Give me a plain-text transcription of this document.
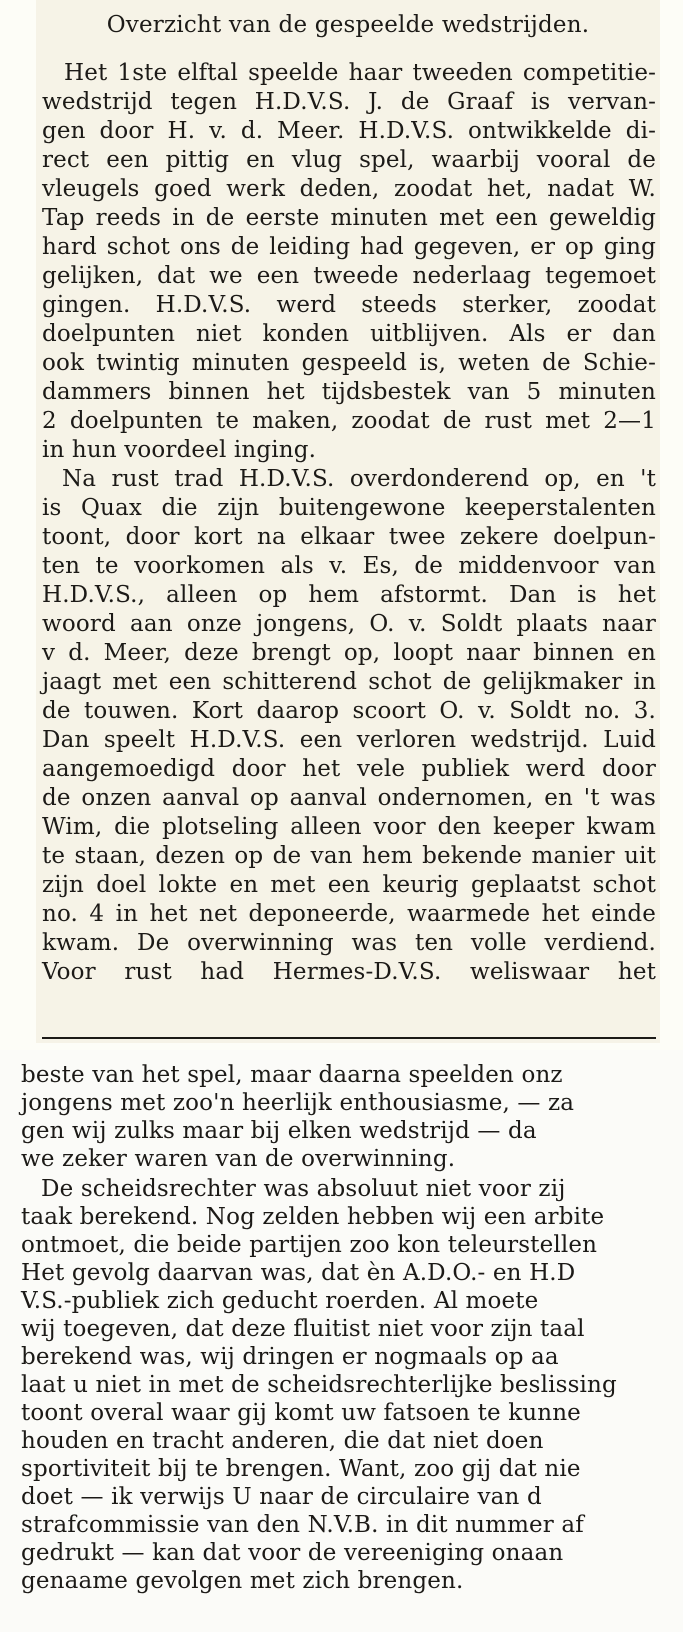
Overzicht van de gespeelde wedstrijden.
Het 1ste elftal speelde haar tweeden competitie-
wedstrijd tegen H.D.V.S. J. de Graaf is vervan-
gen door H. v. d. Meer. H.D.V.S. ontwikkelde di-
rect een pittig en vlug spel, waarbij vooral de
vleugels goed werk deden, zoodat het, nadat W.
Tap reeds in de eerste minuten met een geweldig
hard schot ons de leiding had gegeven, er op ging
gelijken, dat we een tweede nederlaag tegemoet
gingen. H.D.V.S. werd steeds sterker, zoodat
doelpunten niet konden uitblijven. Als er dan
ook twintig minuten gespeeld is, weten de Schie-
dammers binnen het tijdsbestek van 5 minuten
2 doelpunten te maken, zoodat de rust met 2—1
in hun voordeel inging.
Na rust trad H.D.V.S. overdonderend op, en 't
is Quax die zijn buitengewone keeperstalenten
toont, door kort na elkaar twee zekere doelpun-
ten te voorkomen als v. Es, de middenvoor van
H.D.V.S., alleen op hem afstormt. Dan is het
woord aan onze jongens, O. v. Soldt plaats naar
v d. Meer, deze brengt op, loopt naar binnen en
jaagt met een schitterend schot de gelijkmaker in
de touwen. Kort daarop scoort O. v. Soldt no. 3.
Dan speelt H.D.V.S. een verloren wedstrijd. Luid
aangemoedigd door het vele publiek werd door
de onzen aanval op aanval ondernomen, en 't was
Wim, die plotseling alleen voor den keeper kwam
te staan, dezen op de van hem bekende manier uit
zijn doel lokte en met een keurig geplaatst schot
no. 4 in het net deponeerde, waarmede het einde
kwam. De overwinning was ten volle verdiend.
Voor rust had Hermes-D.V.S. weliswaar het
beste van het spel, maar daarna speelden onz
jongens met zoo'n heerlijk enthousiasme, — za
gen wij zulks maar bij elken wedstrijd — da
we zeker waren van de overwinning.
De scheidsrechter was absoluut niet voor zij
taak berekend. Nog zelden hebben wij een arbite
ontmoet, die beide partijen zoo kon teleurstellen
Het gevolg daarvan was, dat èn A.D.O.- en H.D
V.S.-publiek zich geducht roerden. Al moete
wij toegeven, dat deze fluitist niet voor zijn taal
berekend was, wij dringen er nogmaals op aa
laat u niet in met de scheidsrechterlijke beslissing
toont overal waar gij komt uw fatsoen te kunne
houden en tracht anderen, die dat niet doen
sportiviteit bij te brengen. Want, zoo gij dat nie
doet — ik verwijs U naar de circulaire van d
strafcommissie van den N.V.B. in dit nummer af
gedrukt — kan dat voor de vereeniging onaan
genaame gevolgen met zich brengen.
